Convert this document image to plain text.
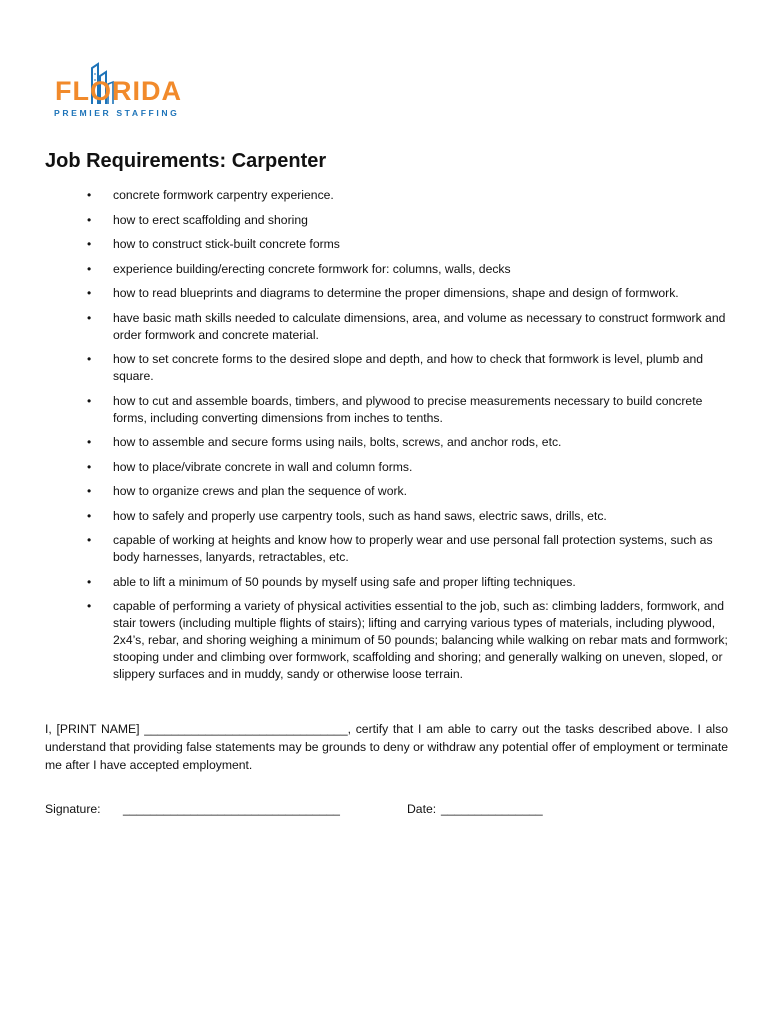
FLORIDA
PREMIER STAFFING
Job Requirements: Carpenter
• concrete formwork carpentry experience.
• how to erect scaffolding and shoring
• how to construct stick-built concrete forms
• experience building/erecting concrete formwork for: columns, walls, decks
• how to read blueprints and diagrams to determine the proper dimensions, shape and design of formwork.
• have basic math skills needed to calculate dimensions, area, and volume as necessary to construct formwork and order formwork and concrete material.
• how to set concrete forms to the desired slope and depth, and how to check that formwork is level, plumb and square.
• how to cut and assemble boards, timbers, and plywood to precise measurements necessary to build concrete forms, including converting dimensions from inches to tenths.
• how to assemble and secure forms using nails, bolts, screws, and anchor rods, etc.
• how to place/vibrate concrete in wall and column forms.
• how to organize crews and plan the sequence of work.
• how to safely and properly use carpentry tools, such as hand saws, electric saws, drills, etc.
• capable of working at heights and know how to properly wear and use personal fall protection systems, such as body harnesses, lanyards, retractables, etc.
• able to lift a minimum of 50 pounds by myself using safe and proper lifting techniques.
• capable of performing a variety of physical activities essential to the job, such as: climbing ladders, formwork, and stair towers (including multiple flights of stairs); lifting and carrying various types of materials, including plywood, 2x4’s, rebar, and shoring weighing a minimum of 50 pounds; balancing while walking on rebar mats and formwork; stooping under and climbing over formwork, scaffolding and shoring; and generally walking on uneven, sloped, or slippery surfaces and in muddy, sandy or otherwise loose terrain.

I, [PRINT NAME] ______________________________, certify that I am able to carry out the tasks described above. I also understand that providing false statements may be grounds to deny or withdraw any potential offer of employment or terminate me after I have accepted employment.

Signature: ________________________________	Date: _______________
